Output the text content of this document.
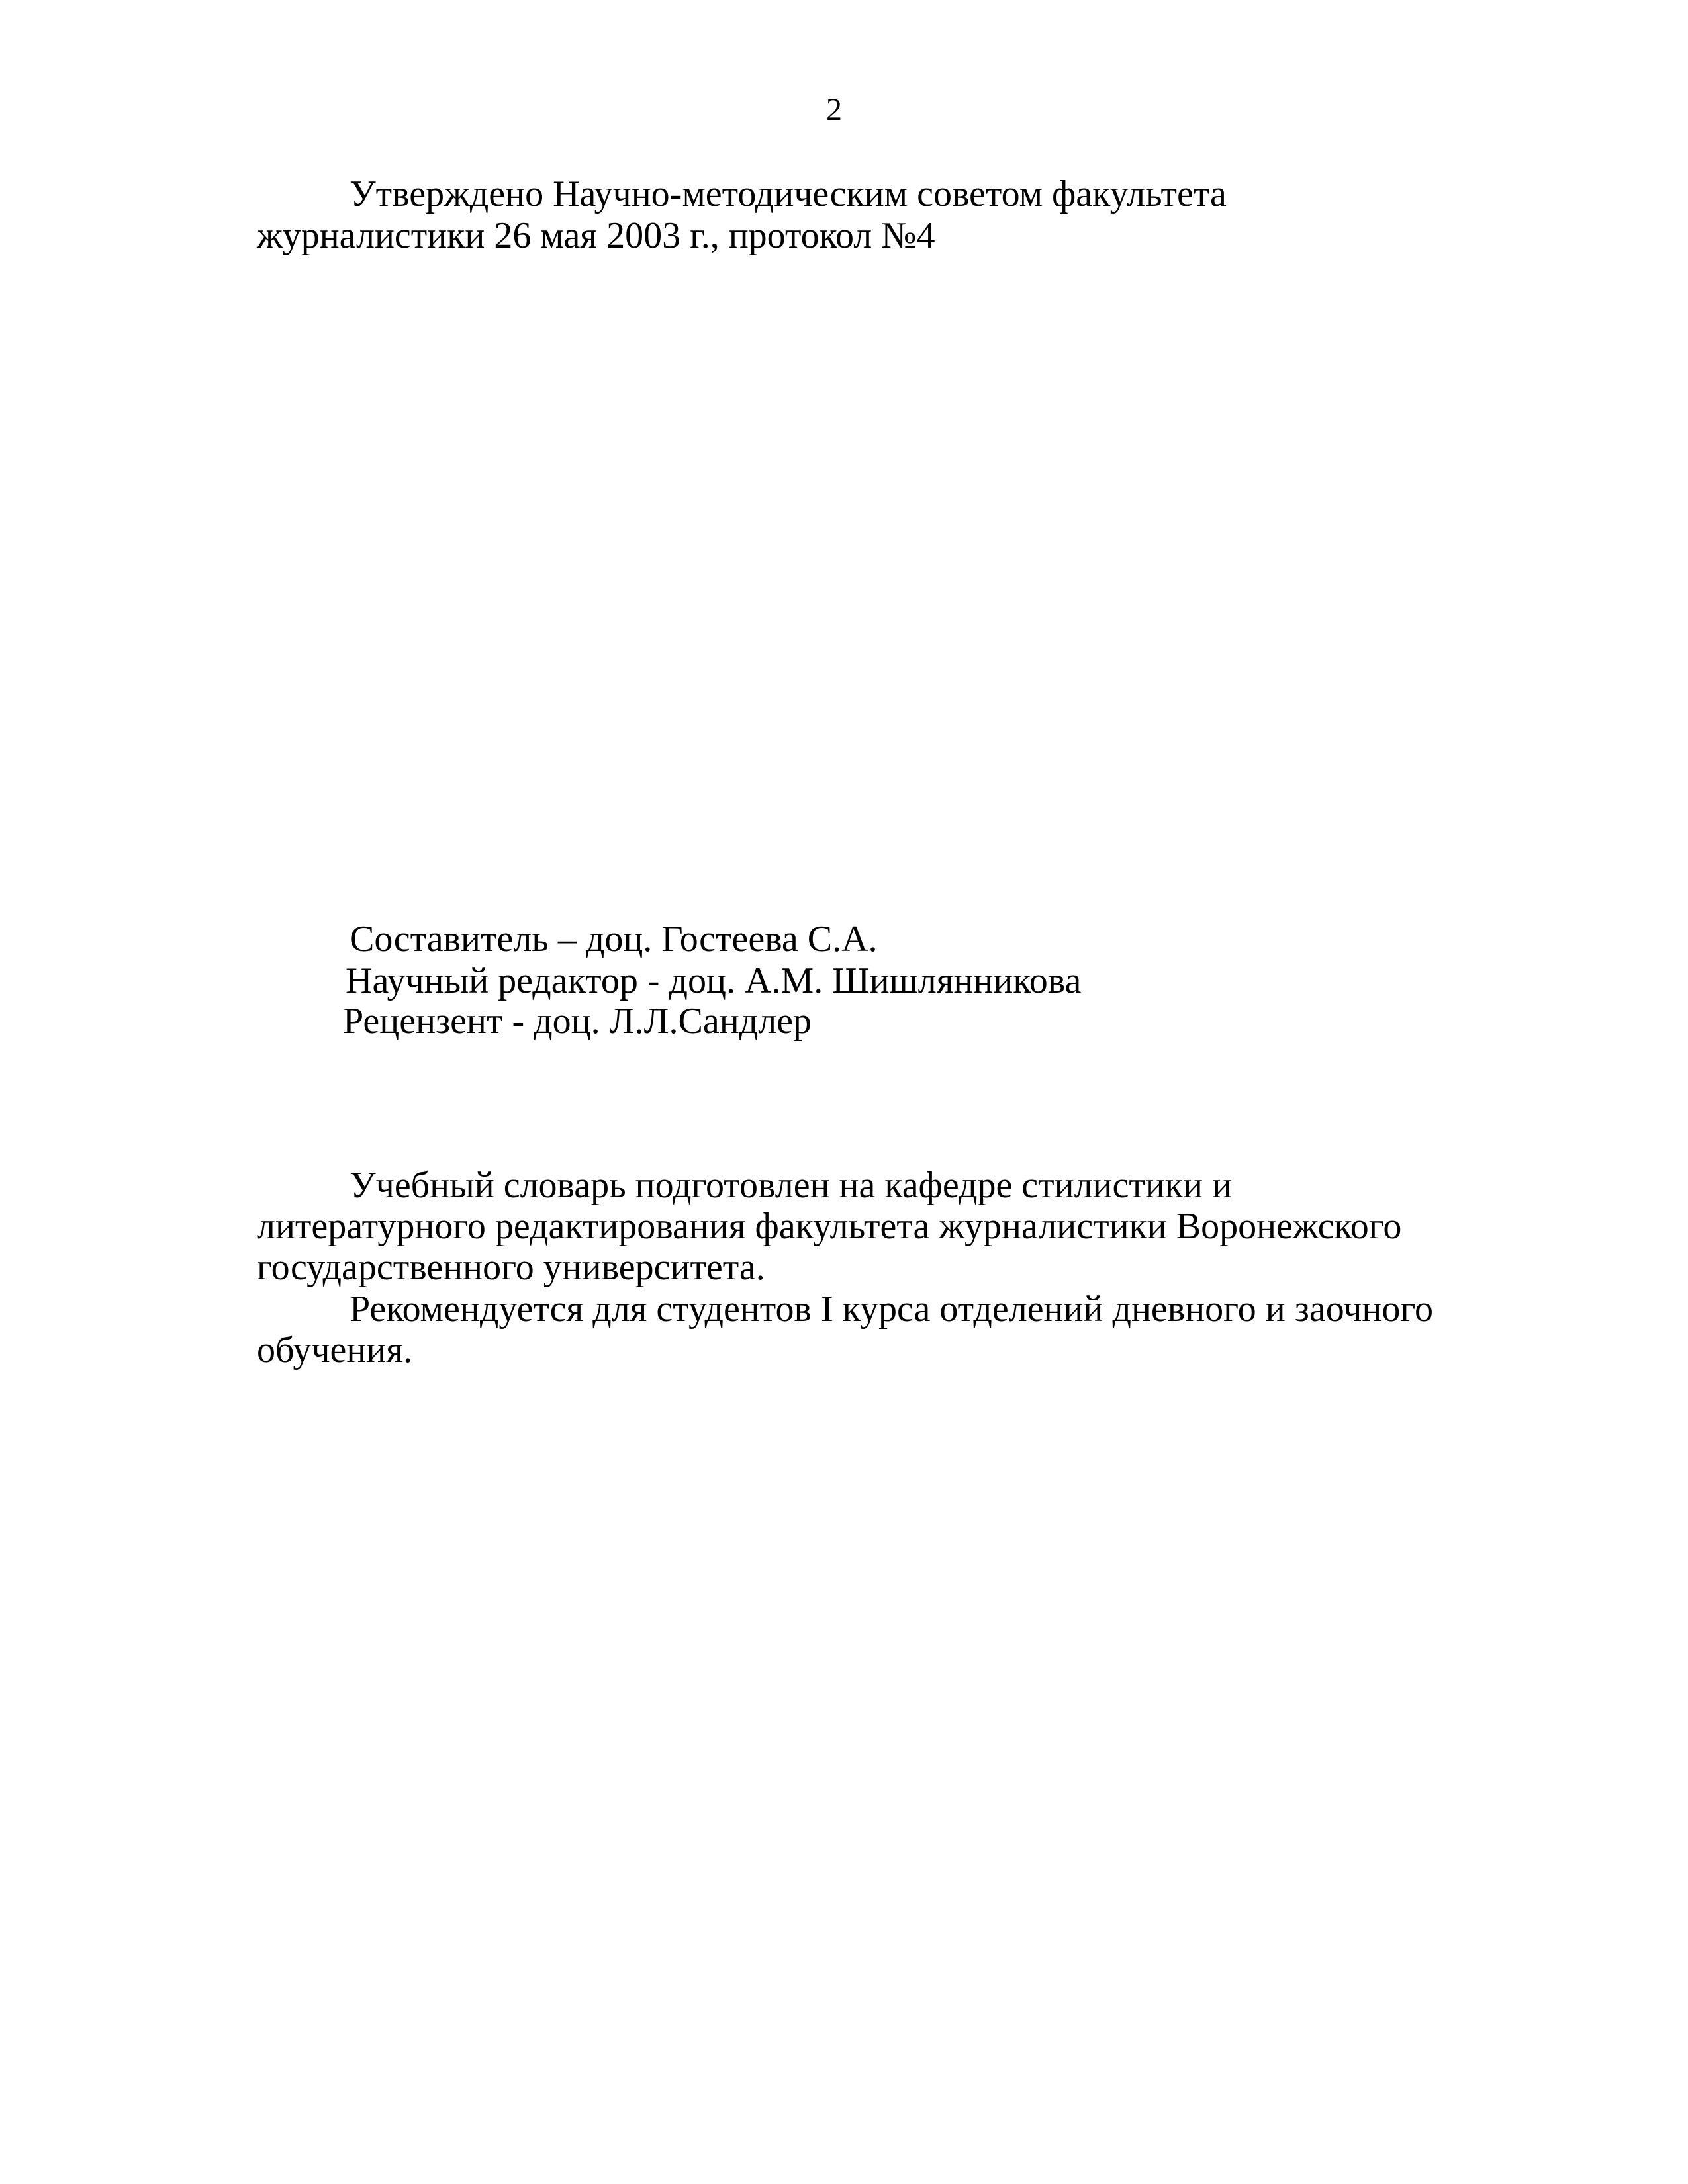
2

Утверждено Научно-методическим советом факультета

журналистики 26 мая 2003 г., протокол №4

Составитель – доц. Гостеева С.А.

Научный редактор - доц. А.М. Шишлянникова

Рецензент - доц. Л.Л.Сандлер

Учебный словарь подготовлен на кафедре стилистики и

литературного редактирования факультета журналистики Воронежского

государственного университета.

Рекомендуется для студентов I курса отделений дневного и заочного

обучения.
